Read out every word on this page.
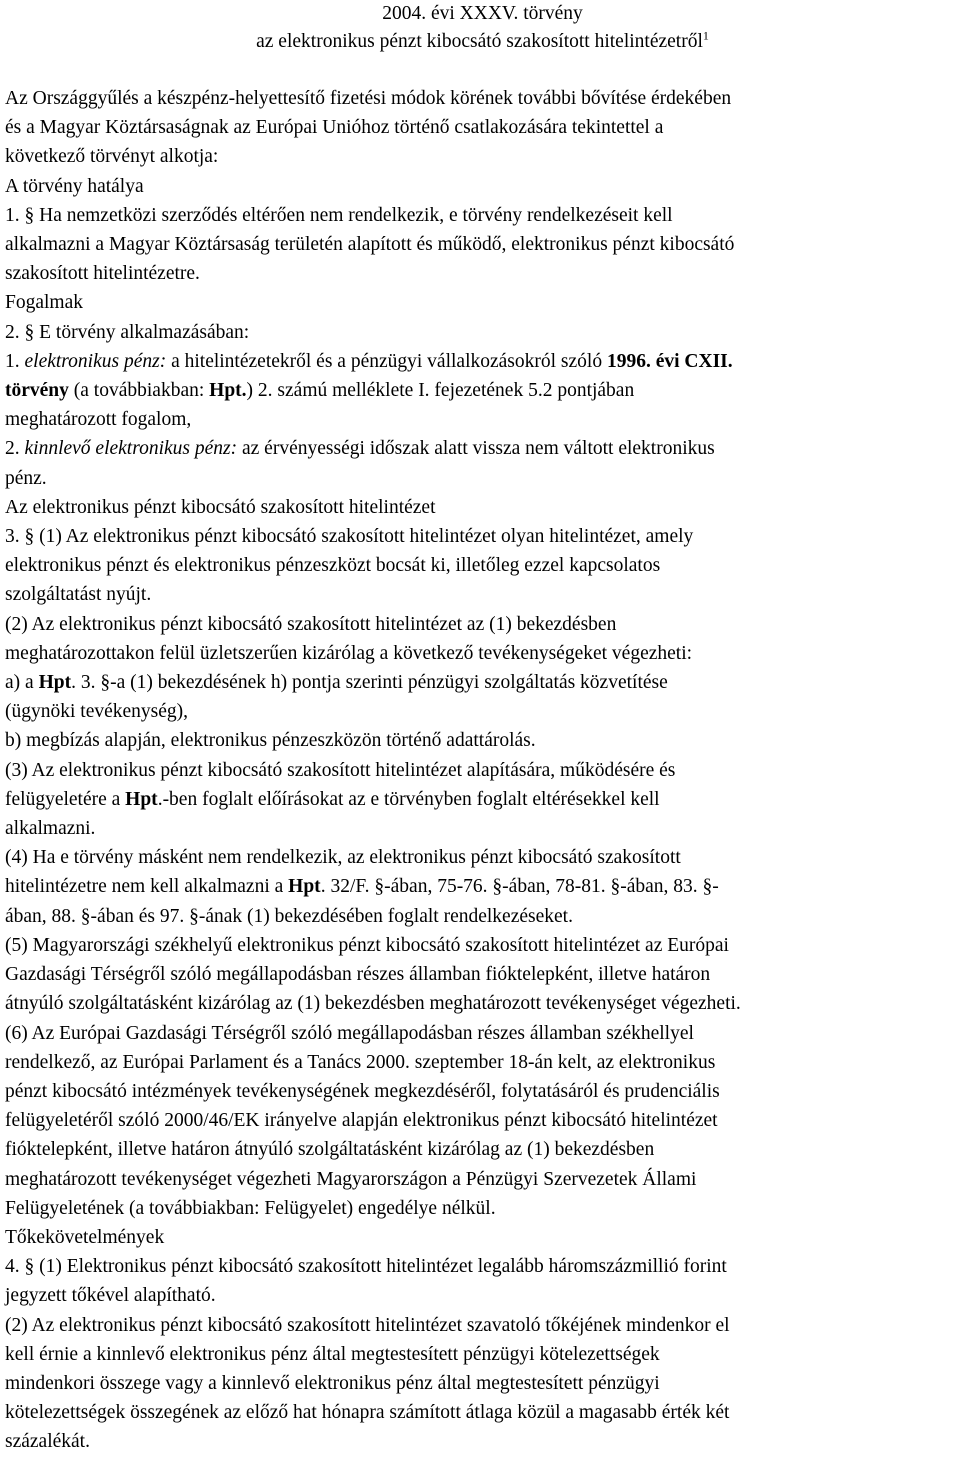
2004. évi XXXV. törvény

az elektronikus pénzt kibocsátó szakosított hitelintézetről$^1$

Az Országgyűlés a készpénz-helyettesítő fizetési módok körének további bővítése érdekében
és a Magyar Köztársaságnak az Európai Unióhoz történő csatlakozására tekintettel a
következő törvényt alkotja:
A törvény hatálya
1. § Ha nemzetközi szerződés eltérően nem rendelkezik, e törvény rendelkezéseit kell
alkalmazni a Magyar Köztársaság területén alapított és működő, elektronikus pénzt kibocsátó
szakosított hitelintézetre.
Fogalmak
2. § E törvény alkalmazásában:
1. elektronikus pénz: a hitelintézetekről és a pénzügyi vállalkozásokról szóló 1996. évi CXII.
törvény (a továbbiakban: Hpt.) 2. számú melléklete I. fejezetének 5.2 pontjában
meghatározott fogalom,
2. kinnlevő elektronikus pénz: az érvényességi időszak alatt vissza nem váltott elektronikus
pénz.
Az elektronikus pénzt kibocsátó szakosított hitelintézet
3. § (1) Az elektronikus pénzt kibocsátó szakosított hitelintézet olyan hitelintézet, amely
elektronikus pénzt és elektronikus pénzeszközt bocsát ki, illetőleg ezzel kapcsolatos
szolgáltatást nyújt.
(2) Az elektronikus pénzt kibocsátó szakosított hitelintézet az (1) bekezdésben
meghatározottakon felül üzletszerűen kizárólag a következő tevékenységeket végezheti:
a) a Hpt. 3. §-a (1) bekezdésének h) pontja szerinti pénzügyi szolgáltatás közvetítése
(ügynöki tevékenység),
b) megbízás alapján, elektronikus pénzeszközön történő adattárolás.
(3) Az elektronikus pénzt kibocsátó szakosított hitelintézet alapítására, működésére és
felügyeletére a Hpt.-ben foglalt előírásokat az e törvényben foglalt eltérésekkel kell
alkalmazni.
(4) Ha e törvény másként nem rendelkezik, az elektronikus pénzt kibocsátó szakosított
hitelintézetre nem kell alkalmazni a Hpt. 32/F. §-ában, 75-76. §-ában, 78-81. §-ában, 83. §-
ában, 88. §-ában és 97. §-ának (1) bekezdésében foglalt rendelkezéseket.
(5) Magyarországi székhelyű elektronikus pénzt kibocsátó szakosított hitelintézet az Európai
Gazdasági Térségről szóló megállapodásban részes államban fióktelepként, illetve határon
átnyúló szolgáltatásként kizárólag az (1) bekezdésben meghatározott tevékenységet végezheti.
(6) Az Európai Gazdasági Térségről szóló megállapodásban részes államban székhellyel
rendelkező, az Európai Parlament és a Tanács 2000. szeptember 18-án kelt, az elektronikus
pénzt kibocsátó intézmények tevékenységének megkezdéséről, folytatásáról és prudenciális
felügyeletéről szóló 2000/46/EK irányelve alapján elektronikus pénzt kibocsátó hitelintézet
fióktelepként, illetve határon átnyúló szolgáltatásként kizárólag az (1) bekezdésben
meghatározott tevékenységet végezheti Magyarországon a Pénzügyi Szervezetek Állami
Felügyeletének (a továbbiakban: Felügyelet) engedélye nélkül.
Tőkekövetelmények
4. § (1) Elektronikus pénzt kibocsátó szakosított hitelintézet legalább háromszázmillió forint
jegyzett tőkével alapítható.
(2) Az elektronikus pénzt kibocsátó szakosított hitelintézet szavatoló tőkéjének mindenkor el
kell érnie a kinnlevő elektronikus pénz által megtestesített pénzügyi kötelezettségek
mindenkori összege vagy a kinnlevő elektronikus pénz által megtestesített pénzügyi
kötelezettségek összegének az előző hat hónapra számított átlaga közül a magasabb érték két
százalékát.
